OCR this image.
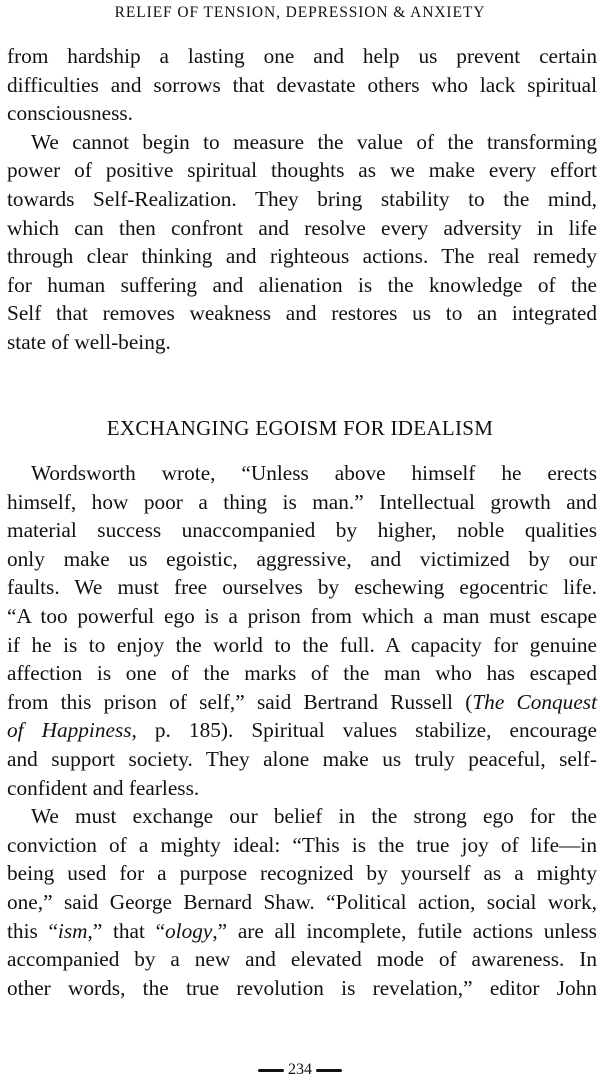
RELIEF OF TENSION, DEPRESSION & ANXIETY
from hardship a lasting one and help us prevent certain
difficulties and sorrows that devastate others who lack spiritual
consciousness.
We cannot begin to measure the value of the transforming
power of positive spiritual thoughts as we make every effort
towards Self-Realization. They bring stability to the mind,
which can then confront and resolve every adversity in life
through clear thinking and righteous actions. The real remedy
for human suffering and alienation is the knowledge of the
Self that removes weakness and restores us to an integrated
state of well-being.
EXCHANGING EGOISM FOR IDEALISM
Wordsworth wrote, “Unless above himself he erects
himself, how poor a thing is man.” Intellectual growth and
material success unaccompanied by higher, noble qualities
only make us egoistic, aggressive, and victimized by our
faults. We must free ourselves by eschewing egocentric life.
“A too powerful ego is a prison from which a man must escape
if he is to enjoy the world to the full. A capacity for genuine
affection is one of the marks of the man who has escaped
from this prison of self,” said Bertrand Russell (The Conquest
of Happiness, p. 185). Spiritual values stabilize, encourage
and support society. They alone make us truly peaceful, self-
confident and fearless.
We must exchange our belief in the strong ego for the
conviction of a mighty ideal: “This is the true joy of life—in
being used for a purpose recognized by yourself as a mighty
one,” said George Bernard Shaw. “Political action, social work,
this “ism,” that “ology,” are all incomplete, futile actions unless
accompanied by a new and elevated mode of awareness. In
other words, the true revolution is revelation,” editor John
234
